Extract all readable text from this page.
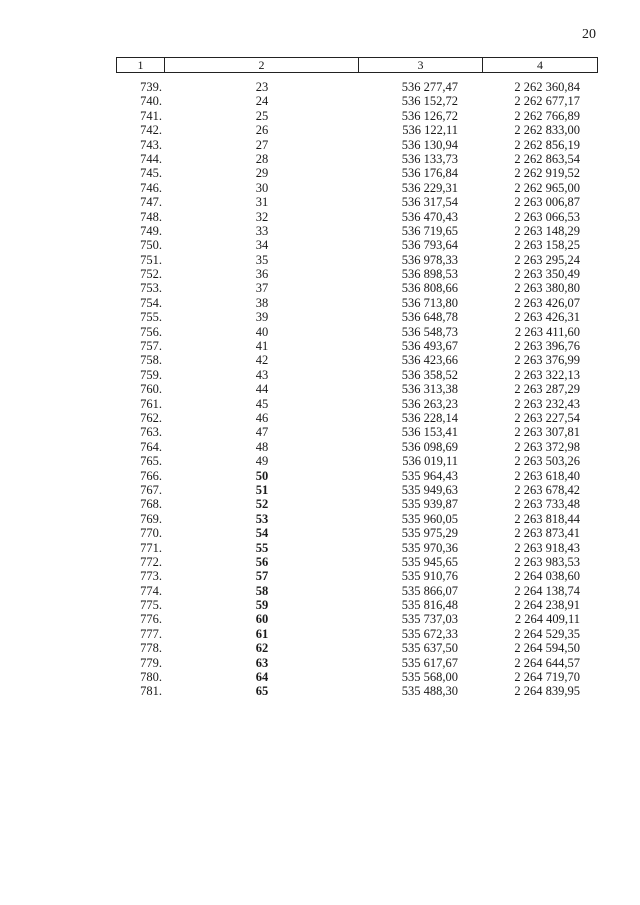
20
1	2	3	4
739.	23	536 277,47	2 262 360,84
740.	24	536 152,72	2 262 677,17
741.	25	536 126,72	2 262 766,89
742.	26	536 122,11	2 262 833,00
743.	27	536 130,94	2 262 856,19
744.	28	536 133,73	2 262 863,54
745.	29	536 176,84	2 262 919,52
746.	30	536 229,31	2 262 965,00
747.	31	536 317,54	2 263 006,87
748.	32	536 470,43	2 263 066,53
749.	33	536 719,65	2 263 148,29
750.	34	536 793,64	2 263 158,25
751.	35	536 978,33	2 263 295,24
752.	36	536 898,53	2 263 350,49
753.	37	536 808,66	2 263 380,80
754.	38	536 713,80	2 263 426,07
755.	39	536 648,78	2 263 426,31
756.	40	536 548,73	2 263 411,60
757.	41	536 493,67	2 263 396,76
758.	42	536 423,66	2 263 376,99
759.	43	536 358,52	2 263 322,13
760.	44	536 313,38	2 263 287,29
761.	45	536 263,23	2 263 232,43
762.	46	536 228,14	2 263 227,54
763.	47	536 153,41	2 263 307,81
764.	48	536 098,69	2 263 372,98
765.	49	536 019,11	2 263 503,26
766.	50	535 964,43	2 263 618,40
767.	51	535 949,63	2 263 678,42
768.	52	535 939,87	2 263 733,48
769.	53	535 960,05	2 263 818,44
770.	54	535 975,29	2 263 873,41
771.	55	535 970,36	2 263 918,43
772.	56	535 945,65	2 263 983,53
773.	57	535 910,76	2 264 038,60
774.	58	535 866,07	2 264 138,74
775.	59	535 816,48	2 264 238,91
776.	60	535 737,03	2 264 409,11
777.	61	535 672,33	2 264 529,35
778.	62	535 637,50	2 264 594,50
779.	63	535 617,67	2 264 644,57
780.	64	535 568,00	2 264 719,70
781.	65	535 488,30	2 264 839,95
